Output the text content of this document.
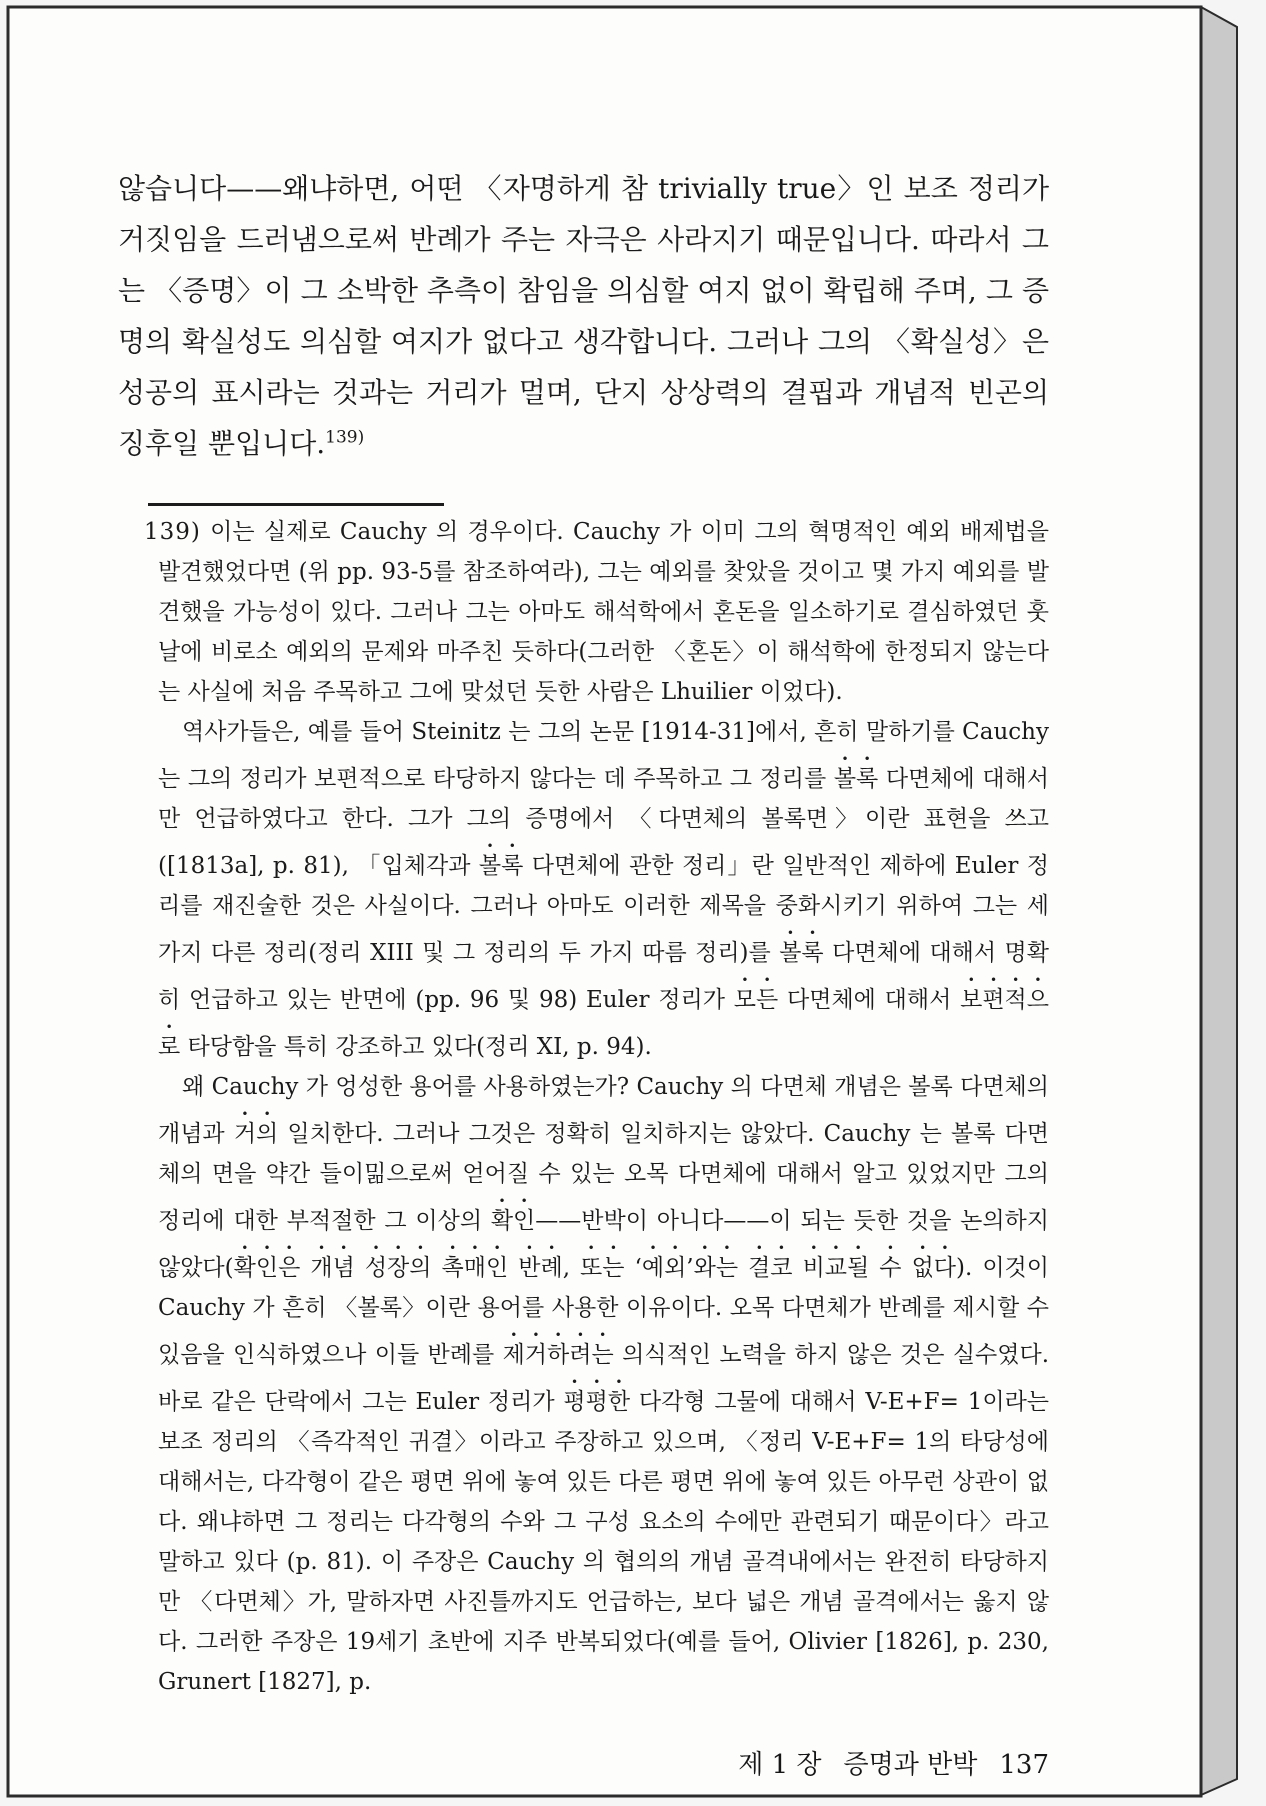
않습니다——왜냐하면, 어떤 〈자명하게 참 trivially true〉인 보조 정리가 거짓임을 드러냄으로써 반례가 주는 자극은 사라지기 때문입니다. 따라서 그는 〈증명〉이 그 소박한 추측이 참임을 의심할 여지 없이 확립해 주며, 그 증명의 확실성도 의심할 여지가 없다고 생각합니다. 그러나 그의 〈확실성〉은 성공의 표시라는 것과는 거리가 멀며, 단지 상상력의 결핍과 개념적 빈곤의 징후일 뿐입니다.$^{139)}$

139) 이는 실제로 Cauchy 의 경우이다. Cauchy 가 이미 그의 혁명적인 예외 배제법을 발견했었다면 (위 pp. 93-5를 참조하여라), 그는 예외를 찾았을 것이고 몇 가지 예외를 발견했을 가능성이 있다. 그러나 그는 아마도 해석학에서 혼돈을 일소하기로 결심하였던 훗날에 비로소 예외의 문제와 마주친 듯하다(그러한 〈혼돈〉이 해석학에 한정되지 않는다는 사실에 처음 주목하고 그에 맞섰던 듯한 사람은 Lhuilier 이었다).

역사가들은, 예를 들어 Steinitz 는 그의 논문 [1914-31]에서, 흔히 말하기를 Cauchy 는 그의 정리가 보편적으로 타당하지 않다는 데 주목하고 그 정리를 볼록 다면체에 대해서만 언급하였다고 한다. 그가 그의 증명에서 〈다면체의 볼록면〉이란 표현을 쓰고([1813a], p. 81), 「입체각과 볼록 다면체에 관한 정리」란 일반적인 제하에 Euler 정리를 재진술한 것은 사실이다. 그러나 아마도 이러한 제목을 중화시키기 위하여 그는 세 가지 다른 정리(정리 XIII 및 그 정리의 두 가지 따름 정리)를 볼록 다면체에 대해서 명확히 언급하고 있는 반면에 (pp. 96 및 98) Euler 정리가 모든 다면체에 대해서 보편적으로 타당함을 특히 강조하고 있다(정리 XI, p. 94).

왜 Cauchy 가 엉성한 용어를 사용하였는가? Cauchy 의 다면체 개념은 볼록 다면체의 개념과 거의 일치한다. 그러나 그것은 정확히 일치하지는 않았다. Cauchy 는 볼록 다면체의 면을 약간 들이밂으로써 얻어질 수 있는 오목 다면체에 대해서 알고 있었지만 그의 정리에 대한 부적절한 그 이상의 확인——반박이 아니다——이 되는 듯한 것을 논의하지 않았다(확인은 개념 성장의 촉매인 반례, 또는 ‘예외’와는 결코 비교될 수 없다). 이것이 Cauchy 가 흔히 〈볼록〉이란 용어를 사용한 이유이다. 오목 다면체가 반례를 제시할 수 있음을 인식하였으나 이들 반례를 제거하려는 의식적인 노력을 하지 않은 것은 실수였다. 바로 같은 단락에서 그는 Euler 정리가 평평한 다각형 그물에 대해서 V-E+F= 1이라는 보조 정리의 〈즉각적인 귀결〉이라고 주장하고 있으며, 〈정리 V-E+F= 1의 타당성에 대해서는, 다각형이 같은 평면 위에 놓여 있든 다른 평면 위에 놓여 있든 아무런 상관이 없다. 왜냐하면 그 정리는 다각형의 수와 그 구성 요소의 수에만 관련되기 때문이다〉라고 말하고 있다 (p. 81). 이 주장은 Cauchy 의 협의의 개념 골격내에서는 완전히 타당하지만 〈다면체〉가, 말하자면 사진틀까지도 언급하는, 보다 넓은 개념 골격에서는 옳지 않다. 그러한 주장은 19세기 초반에 지주 반복되었다(예를 들어, Olivier [1826], p. 230, Grunert [1827], p.

제 1 장 증명과 반박 137
